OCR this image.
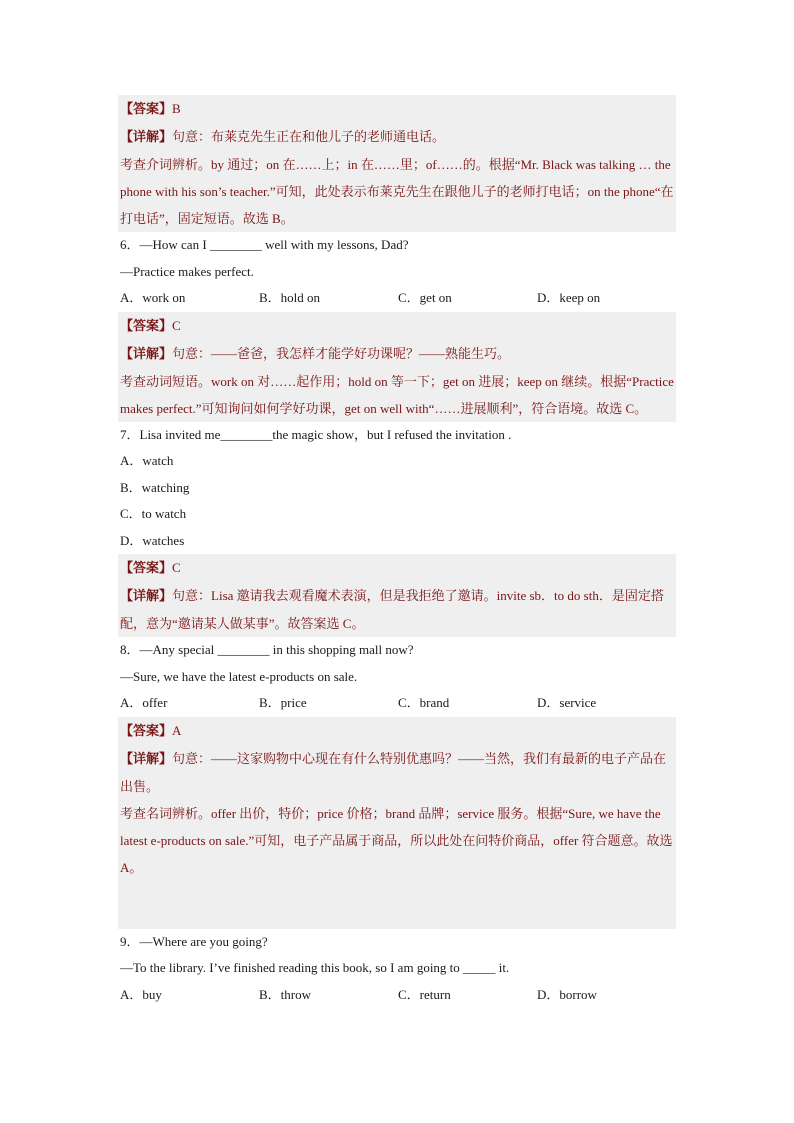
【答案】B
【详解】句意：布莱克先生正在和他儿子的老师通电话。
考查介词辨析。by 通过；on 在……上；in 在……里；of……的。根据“Mr. Black was talking … the phone with his son’s teacher.”可知，此处表示布莱克先生在跟他儿子的老师打电话；on the phone“在打电话”，固定短语。故选 B。
6．—How can I ________ well with my lessons, Dad?
—Practice makes perfect.
A．work on	B．hold on	C．get on	D．keep on
【答案】C
【详解】句意：——爸爸，我怎样才能学好功课呢？——熟能生巧。
考查动词短语。work on 对……起作用；hold on 等一下；get on 进展；keep on 继续。根据“Practice makes perfect.”可知询问如何学好功课，get on well with“……进展顺利”，符合语境。故选 C。
7．Lisa invited me________the magic show，but I refused the invitation .
A．watch
B．watching
C．to watch
D．watches
【答案】C
【详解】句意：Lisa 邀请我去观看魔术表演，但是我拒绝了邀请。invite sb．to do sth．是固定搭配，意为“邀请某人做某事”。故答案选 C。
8．—Any special ________ in this shopping mall now?
—Sure, we have the latest e-products on sale.
A．offer	B．price	C．brand	D．service
【答案】A
【详解】句意：——这家购物中心现在有什么特别优惠吗？——当然，我们有最新的电子产品在出售。
考查名词辨析。offer 出价，特价；price 价格；brand 品牌；service 服务。根据“Sure, we have the latest e-products on sale.”可知，电子产品属于商品，所以此处在问特价商品，offer 符合题意。故选 A。
9．—Where are you going?
—To the library. I’ve finished reading this book, so I am going to _____ it.
A．buy	B．throw	C．return	D．borrow
